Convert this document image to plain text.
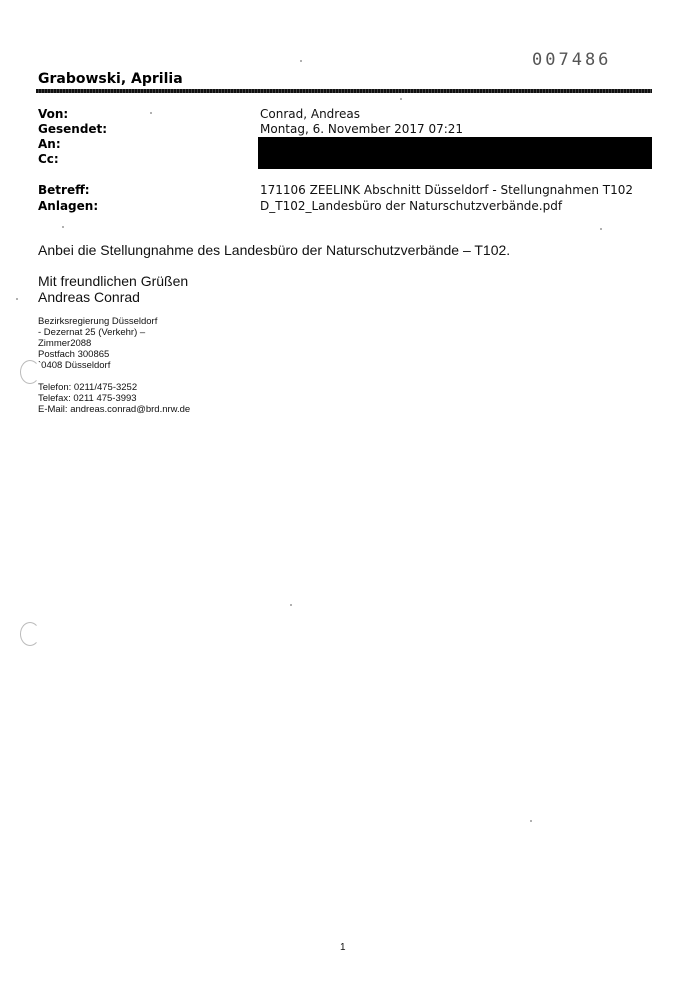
007486
Grabowski, Aprilia
Von:	Conrad, Andreas
Gesendet:	Montag, 6. November 2017 07:21
An:
Cc:
Betreff:	171106 ZEELINK Abschnitt Düsseldorf - Stellungnahmen T102
Anlagen:	D_T102_Landesbüro der Naturschutzverbände.pdf
Anbei die Stellungnahme des Landesbüro der Naturschutzverbände – T102.
Mit freundlichen Grüßen
Andreas Conrad
Bezirksregierung Düsseldorf
- Dezernat 25 (Verkehr) –
Zimmer2088
Postfach 300865
`0408 Düsseldorf
Telefon: 0211/475-3252
Telefax: 0211 475-3993
E-Mail: andreas.conrad@brd.nrw.de
1
